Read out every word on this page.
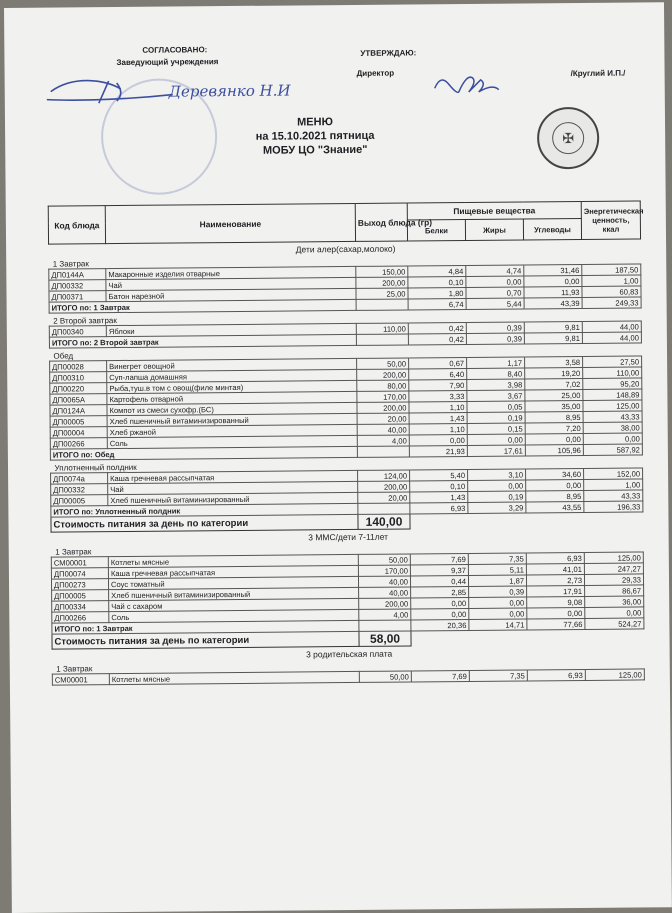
СОГЛАСОВАНО:
Заведующий учреждения
Деревянко Н.И
УТВЕРЖДАЮ:
Директор	/Круглий И.П./
✠
МЕНЮ
на 15.10.2021 пятница
МОБУ ЦО "Знание"
Код блюда	Наименование	Выход блюда (гр)	Пищевые вещества			Энергетическая ценность, ккал
			Белки	Жиры	Углеводы	
Дети алер(сахар,молоко)						
1 Завтрак						
ДП0144А	Макаронные изделия отварные	150,00	4,84	4,74	31,46	187,50
ДП00332	Чай	200,00	0,10	0,00	0,00	1,00
ДП00371	Батон нарезной	25,00	1,80	0,70	11,93	60,83
ИТОГО по: 1 Завтрак			6,74	5,44	43,39	249,33
2 Второй завтрак						
ДП00340	Яблоки	110,00	0,42	0,39	9,81	44,00
ИТОГО по: 2 Второй завтрак			0,42	0,39	9,81	44,00
Обед						
ДП00028	Винегрет овощной	50,00	0,67	1,17	3,58	27,50
ДП00310	Суп-лапша домашняя	200,00	6,40	8,40	19,20	110,00
ДП00220	Рыба,туш.в том с овощ(филе минтая)	80,00	7,90	3,98	7,02	95,20
ДП0065А	Картофель отварной	170,00	3,33	3,67	25,00	148,89
ДП0124А	Компот из смеси сухофр.(БС)	200,00	1,10	0,05	35,00	125,00
ДП00005	Хлеб пшеничный витаминизированный	20,00	1,43	0,19	8,95	43,33
ДП00004	Хлеб ржаной	40,00	1,10	0,15	7,20	38,00
ДП00266	Соль	4,00	0,00	0,00	0,00	0,00
ИТОГО по: Обед			21,93	17,61	105,96	587,92
Уплотненный полдник						
ДП0074а	Каша гречневая рассыпчатая	124,00	5,40	3,10	34,60	152,00
ДП00332	Чай	200,00	0,10	0,00	0,00	1,00
ДП00005	Хлеб пшеничный витаминизированный	20,00	1,43	0,19	8,95	43,33
ИТОГО по: Уплотненный полдник			6,93	3,29	43,55	196,33
Стоимость питания за день по категории		140,00				
3 ММС/дети 7-11лет						
1 Завтрак						
СМ00001	Котлеты мясные	50,00	7,69	7,35	6,93	125,00
ДП00074	Каша гречневая рассыпчатая	170,00	9,37	5,11	41,01	247,27
ДП00273	Соус томатный	40,00	0,44	1,87	2,73	29,33
ДП00005	Хлеб пшеничный витаминизированный	40,00	2,85	0,39	17,91	86,67
ДП00334	Чай с сахаром	200,00	0,00	0,00	9,08	36,00
ДП00266	Соль	4,00	0,00	0,00	0,00	0,00
ИТОГО по: 1 Завтрак			20,36	14,71	77,66	524,27
Стоимость питания за день по категории		58,00				
3 родительская плата						
1 Завтрак						
СМ00001	Котлеты мясные	50,00	7,69	7,35	6,93	125,00
